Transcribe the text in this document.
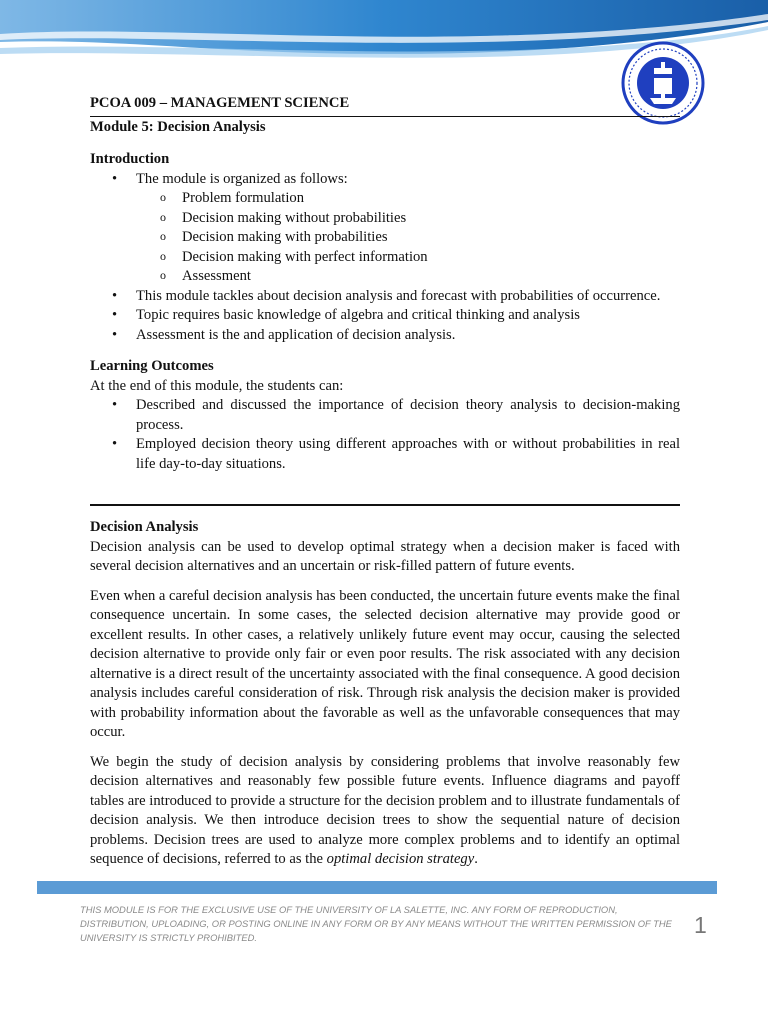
PCOA 009 – MANAGEMENT SCIENCE

Module 5: Decision Analysis

Introduction

• The module is organized as follows:
o Problem formulation
o Decision making without probabilities
o Decision making with probabilities
o Decision making with perfect information
o Assessment
• This module tackles about decision analysis and forecast with probabilities of occurrence.
• Topic requires basic knowledge of algebra and critical thinking and analysis
• Assessment is the and application of decision analysis.

Learning Outcomes

At the end of this module, the students can:

• Described and discussed the importance of decision theory analysis to decision-making process.
• Employed decision theory using different approaches with or without probabilities in real life day-to-day situations.

Decision Analysis

Decision analysis can be used to develop optimal strategy when a decision maker is faced with several decision alternatives and an uncertain or risk-filled pattern of future events.

Even when a careful decision analysis has been conducted, the uncertain future events make the final consequence uncertain. In some cases, the selected decision alternative may provide good or excellent results. In other cases, a relatively unlikely future event may occur, causing the selected decision alternative to provide only fair or even poor results. The risk associated with any decision alternative is a direct result of the uncertainty associated with the final consequence. A good decision analysis includes careful consideration of risk. Through risk analysis the decision maker is provided with probability information about the favorable as well as the unfavorable consequences that may occur.

We begin the study of decision analysis by considering problems that involve reasonably few decision alternatives and reasonably few possible future events. Influence diagrams and payoff tables are introduced to provide a structure for the decision problem and to illustrate fundamentals of decision analysis. We then introduce decision trees to show the sequential nature of decision problems. Decision trees are used to analyze more complex problems and to identify an optimal sequence of decisions, referred to as the optimal decision strategy.

THIS MODULE IS FOR THE EXCLUSIVE USE OF THE UNIVERSITY OF LA SALETTE, INC. ANY FORM OF REPRODUCTION, DISTRIBUTION, UPLOADING, OR POSTING ONLINE IN ANY FORM OR BY ANY MEANS WITHOUT THE WRITTEN PERMISSION OF THE UNIVERSITY IS STRICTLY PROHIBITED.	1
